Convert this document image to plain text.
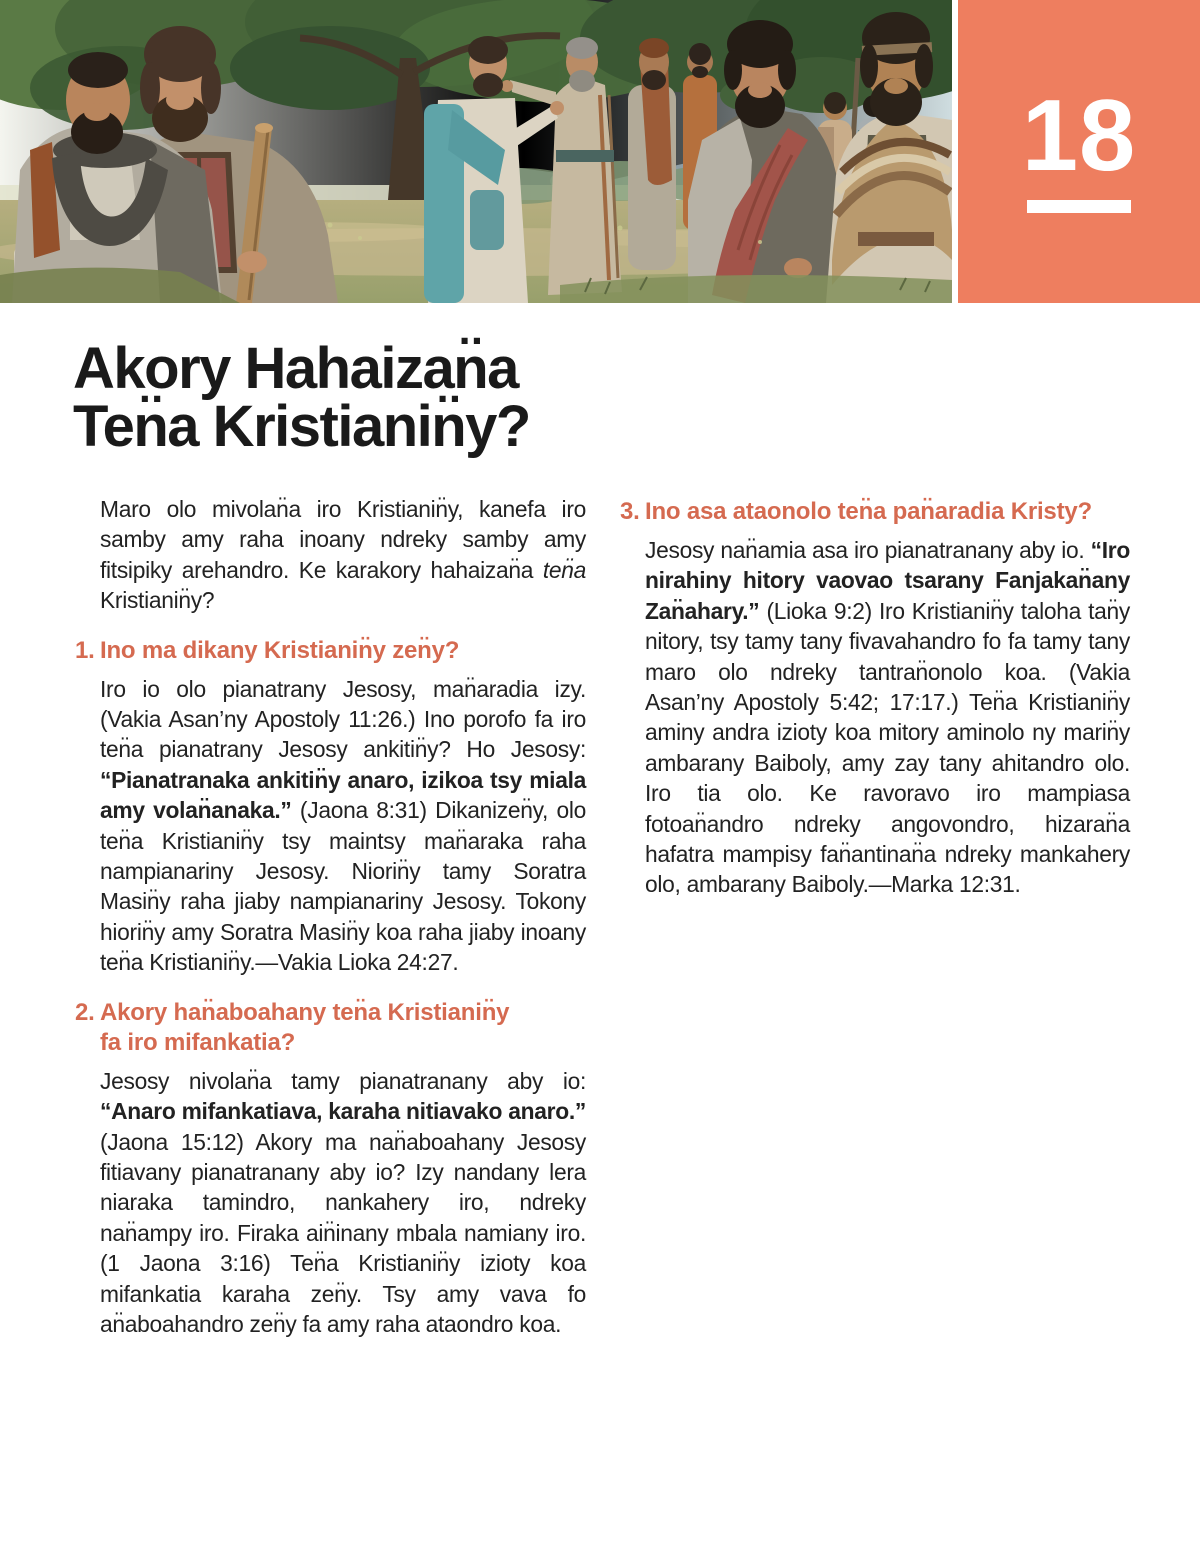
18
Akory Hahaizan̈a
Ten̈a Kristianin̈y?

Maro olo mivolan̈a iro Kristianin̈y, kanefa iro samby amy raha inoany ndreky samby amy fitsipiky arehandro. Ke karakory hahaizan̈a ten̈a Kristianin̈y?

1. Ino ma dikany Kristianin̈y zen̈y?

Iro io olo pianatrany Jesosy, man̈aradia izy. (Vakia Asan’ny Apostoly 11:26.) Ino porofo fa iro ten̈a pianatrany Jesosy ankitin̈y? Ho Jesosy: “Pianatranaka ankitin̈y anaro, izikoa tsy miala amy volan̈anaka.” (Jaona 8:31) Dikanizen̈y, olo ten̈a Kristianin̈y tsy maintsy man̈araka raha nampianariny Jesosy. Niorin̈y tamy Soratra Masin̈y raha jiaby nampianariny Jesosy. Tokony hiorin̈y amy Soratra Masin̈y koa raha jiaby inoany ten̈a Kristianin̈y.—Vakia Lioka 24:27.

2. Akory han̈aboahany ten̈a Kristianin̈y
fa iro mifankatia?

Jesosy nivolan̈a tamy pianatranany aby io: “Anaro mifankatiava, karaha nitiavako anaro.” (Jaona 15:12) Akory ma nan̈aboahany Jesosy fitiavany pianatranany aby io? Izy nandany lera niaraka tamindro, nankahery iro, ndreky nan̈ampy iro. Firaka ain̈inany mbala namiany iro. (1 Jaona 3:16) Ten̈a Kristianin̈y izioty koa mifankatia karaha zen̈y. Tsy amy vava fo an̈aboahandro zen̈y fa amy raha ataondro koa.

3. Ino asa ataonolo ten̈a pan̈aradia Kristy?

Jesosy nan̈amia asa iro pianatranany aby io. “Iro nirahiny hitory vaovao tsarany Fanjakan̈any Zan̈ahary.” (Lioka 9:2) Iro Kristianin̈y taloha tan̈y nitory, tsy tamy tany fivavahandro fo fa tamy tany maro olo ndreky tantran̈onolo koa. (Vakia Asan’ny Apostoly 5:42; 17:17.) Ten̈a Kristianin̈y aminy andra izioty koa mitory aminolo ny marin̈y ambarany Baiboly, amy zay tany ahitandro olo. Iro tia olo. Ke ravoravo iro mampiasa fotoan̈andro ndreky angovondro, hizaran̈a hafatra mampisy fan̈antinan̈a ndreky mankahery olo, ambarany Baiboly.—Marka 12:31.
